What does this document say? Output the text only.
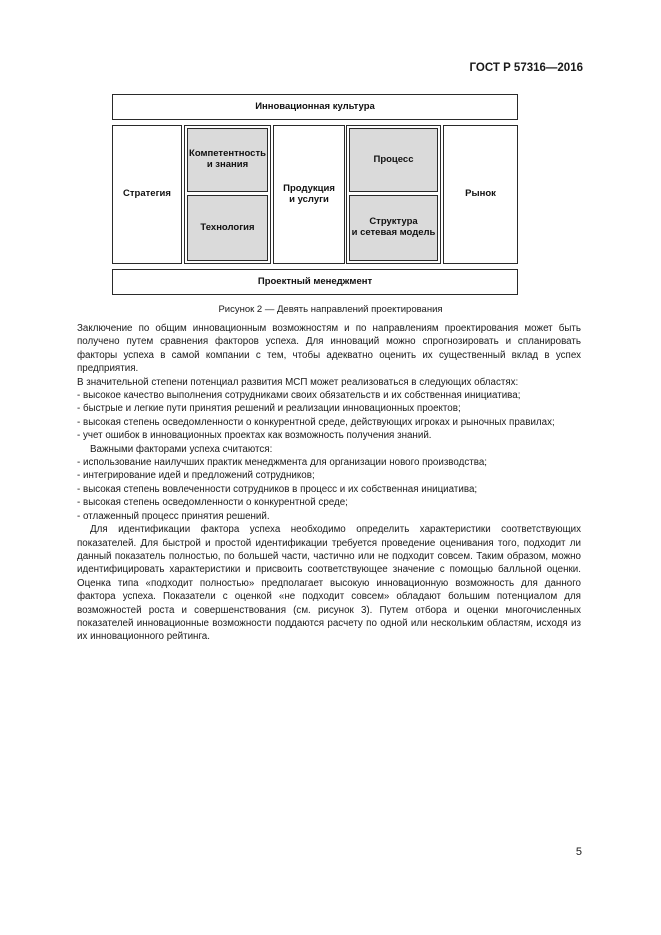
ГОСТ Р 57316—2016
Инновационная культура
Стратегия
Компетентность
и знания
Технология
Продукция
и услуги
Процесс
Структура
и сетевая модель
Рынок
Проектный менеджмент
Рисунок 2 — Девять направлений проектирования

Заключение по общим инновационным возможностям и по направлениям проектирования может быть получено путем сравнения факторов успеха. Для инноваций можно спрогнозировать и спланировать факторы успеха в самой компании с тем, чтобы адекватно оценить их существенный вклад в успех предприятия.

В значительной степени потенциал развития МСП может реализоваться в следующих областях:

- высокое качество выполнения сотрудниками своих обязательств и их собственная инициатива;

- быстрые и легкие пути принятия решений и реализации инновационных проектов;

- высокая степень осведомленности о конкурентной среде, действующих игроках и рыночных правилах;

- учет ошибок в инновационных проектах как возможность получения знаний.

Важными факторами успеха считаются:

- использование наилучших практик менеджмента для организации нового производства;

- интегрирование идей и предложений сотрудников;

- высокая степень вовлеченности сотрудников в процесс и их собственная инициатива;

- высокая степень осведомленности о конкурентной среде;

- отлаженный процесс принятия решений.

Для идентификации фактора успеха необходимо определить характеристики соответствующих показателей. Для быстрой и простой идентификации требуется проведение оценивания того, подходит ли данный показатель полностью, по большей части, частично или не подходит совсем. Таким образом, можно идентифицировать характеристики и присвоить соответствующее значение с помощью балльной оценки. Оценка типа «подходит полностью» предполагает высокую инновационную возможность для данного фактора успеха. Показатели с оценкой «не подходит совсем» обладают большим потенциалом для возможностей роста и совершенствования (см. рисунок 3). Путем отбора и оценки многочисленных показателей инновационные возможности поддаются расчету по одной или нескольким областям, исходя из их инновационного рейтинга.

5
